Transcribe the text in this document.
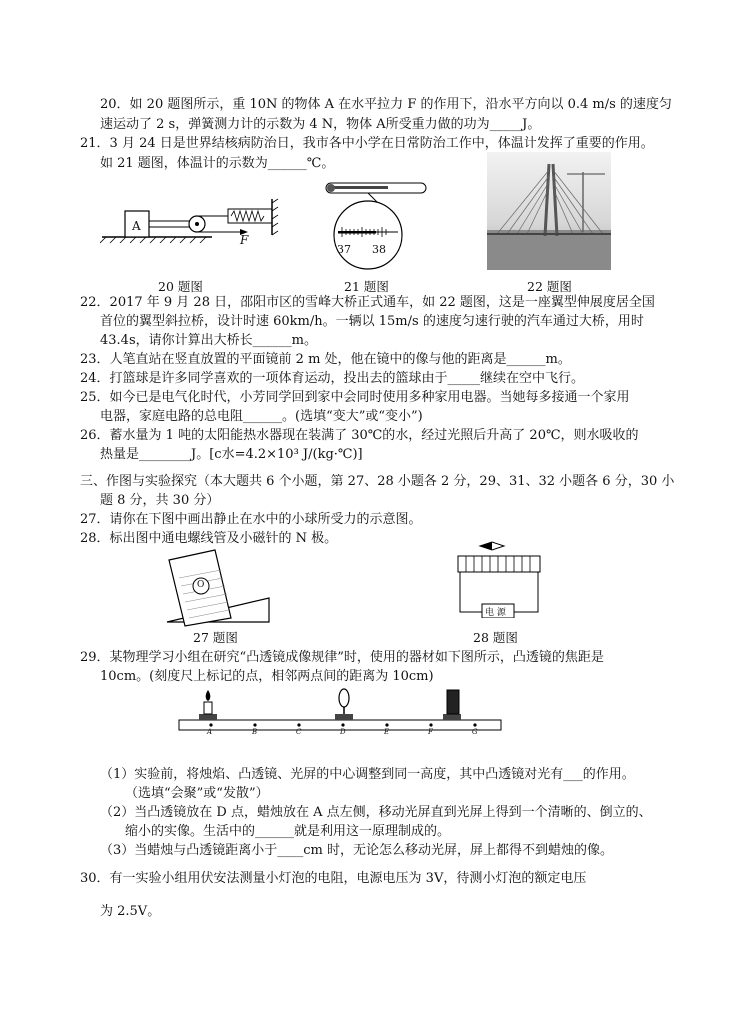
20．如 20 题图所示，重 10N 的物体 A 在水平拉力 F 的作用下，沿水平方向以 0.4 m/s 的速度匀
速运动了 2 s，弹簧测力计的示数为 4 N，物体 A所受重力做的功为_____J。
21．3 月 24 日是世界结核病防治日，我市各中小学在日常防治工作中，体温计发挥了重要的作用。
如 21 题图，体温计的示数为______℃。
A
F
20 题图
37 38
21 题图	22 题图
22．2017 年 9 月 28 日，邵阳市区的雪峰大桥正式通车，如 22 题图，这是一座翼型伸展度居全国
首位的翼型斜拉桥，设计时速 60km/h。一辆以 15m/s 的速度匀速行驶的汽车通过大桥，用时
43.4s，请你计算出大桥长______m。
23．人笔直站在竖直放置的平面镜前 2 m 处，他在镜中的像与他的距离是______m。
24．打篮球是许多同学喜欢的一项体育运动，投出去的篮球由于_____继续在空中飞行。
25．如今已是电气化时代，小芳同学回到家中会同时使用多种家用电器。当她每多接通一个家用
电器，家庭电路的总电阻______。(选填“变大”或“变小”)
26．蓄水量为 1 吨的太阳能热水器现在装满了 30℃的水，经过光照后升高了 20℃，则水吸收的
热量是________J。[c水=4.2×10³ J/(kg·℃)]
三、作图与实验探究（本大题共 6 个小题，第 27、28 小题各 2 分，29、31、32 小题各 6 分，30 小
题 8 分，共 30 分）
27．请你在下图中画出静止在水中的小球所受力的示意图。
28．标出图中通电螺线管及小磁针的 N 极。
O
27 题图
电 源
28 题图
29．某物理学习小组在研究“凸透镜成像规律”时，使用的器材如下图所示，凸透镜的焦距是
10cm。(刻度尺上标记的点，相邻两点间的距离为 10cm)
A	B	C	D	E	F	G
（1）实验前，将烛焰、凸透镜、光屏的中心调整到同一高度，其中凸透镜对光有___的作用。
（选填“会聚”或“发散”）
（2）当凸透镜放在 D 点，蜡烛放在 A 点左侧，移动光屏直到光屏上得到一个清晰的、倒立的、
缩小的实像。生活中的______就是利用这一原理制成的。
（3）当蜡烛与凸透镜距离小于____cm 时，无论怎么移动光屏，屏上都得不到蜡烛的像。
30．有一实验小组用伏安法测量小灯泡的电阻，电源电压为 3V，待测小灯泡的额定电压
为 2.5V。
